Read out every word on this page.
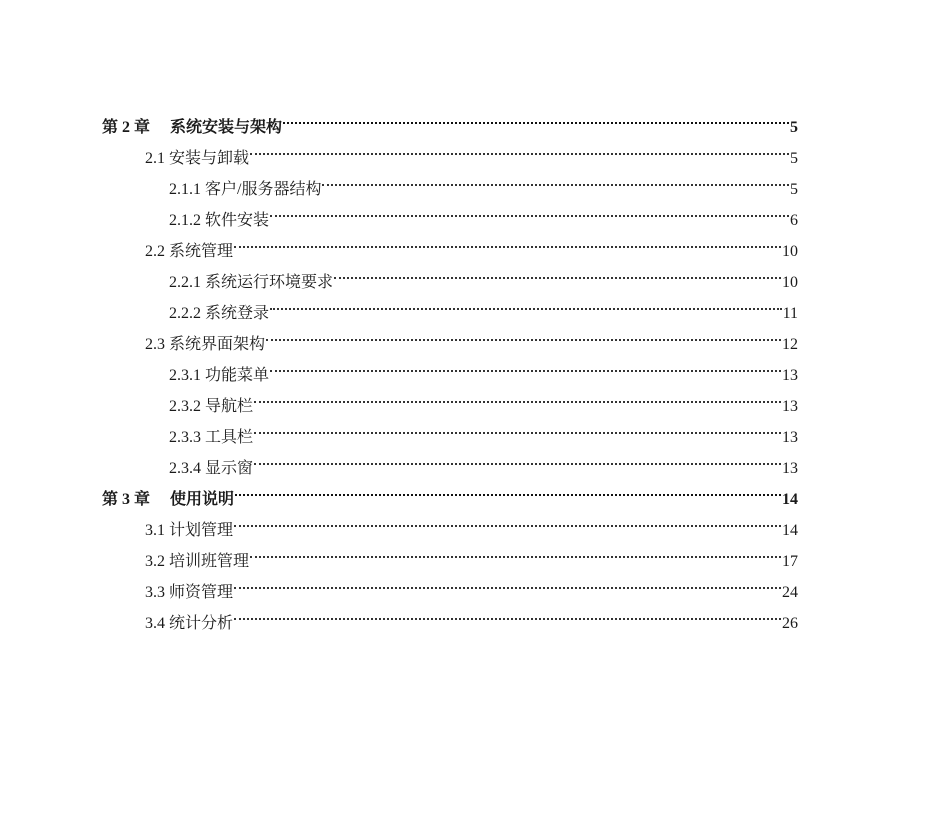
第 2 章 系统安装与架构	5
2.1 安装与卸载	5
2.1.1 客户/服务器结构	5
2.1.2 软件安装	6
2.2 系统管理	10
2.2.1 系统运行环境要求	10
2.2.2 系统登录	11
2.3 系统界面架构	12
2.3.1 功能菜单	13
2.3.2 导航栏	13
2.3.3 工具栏	13
2.3.4 显示窗	13
第 3 章 使用说明	14
3.1 计划管理	14
3.2 培训班管理	17
3.3 师资管理	24
3.4 统计分析	26
